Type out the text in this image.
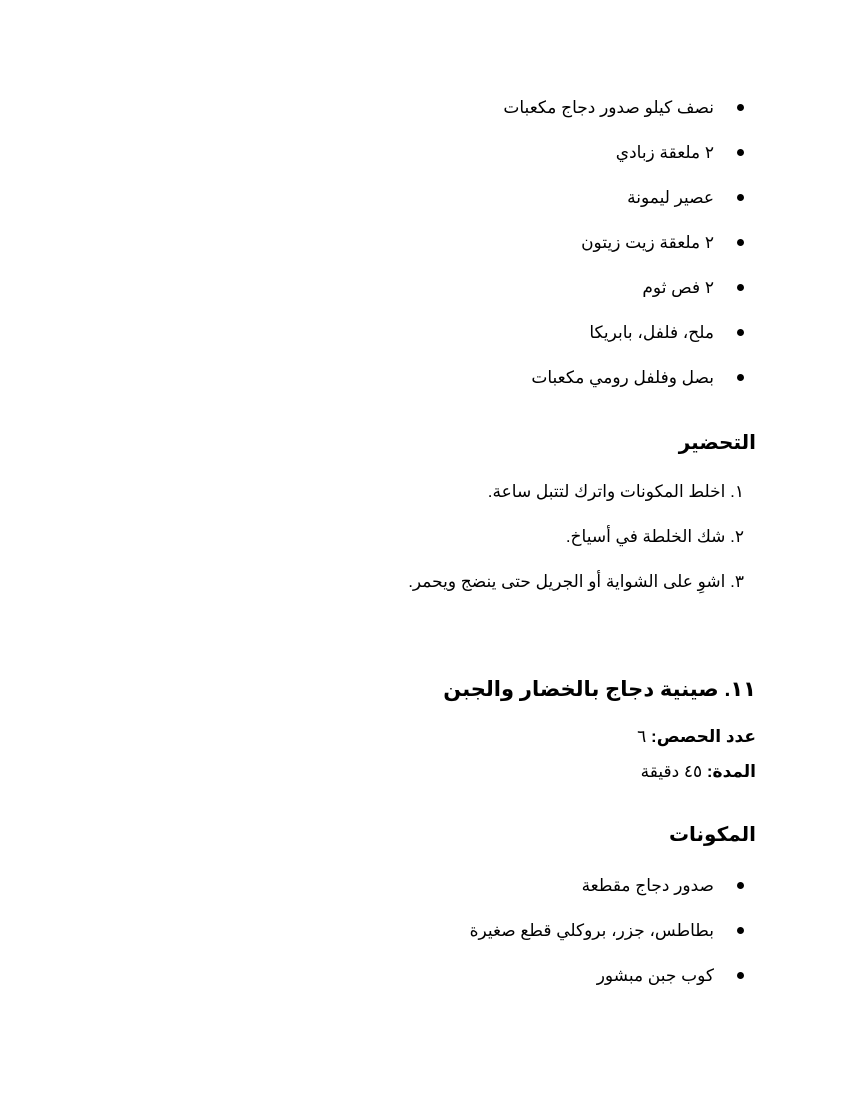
نصف كيلو صدور دجاج مكعبات
٢ ملعقة زبادي
عصير ليمونة
٢ ملعقة زيت زيتون
٢ فص ثوم
ملح، فلفل، بابريكا
بصل وفلفل رومي مكعبات
التحضير
١. اخلط المكونات واترك لتتبل ساعة.
٢. شك الخلطة في أسياخ.
٣. اشوِ على الشواية أو الجريل حتى ينضج ويحمر.
١١. صينية دجاج بالخضار والجبن
عدد الحصص: ٦
المدة: ٤٥ دقيقة
المكونات
صدور دجاج مقطعة
بطاطس، جزر، بروكلي قطع صغيرة
كوب جبن مبشور
